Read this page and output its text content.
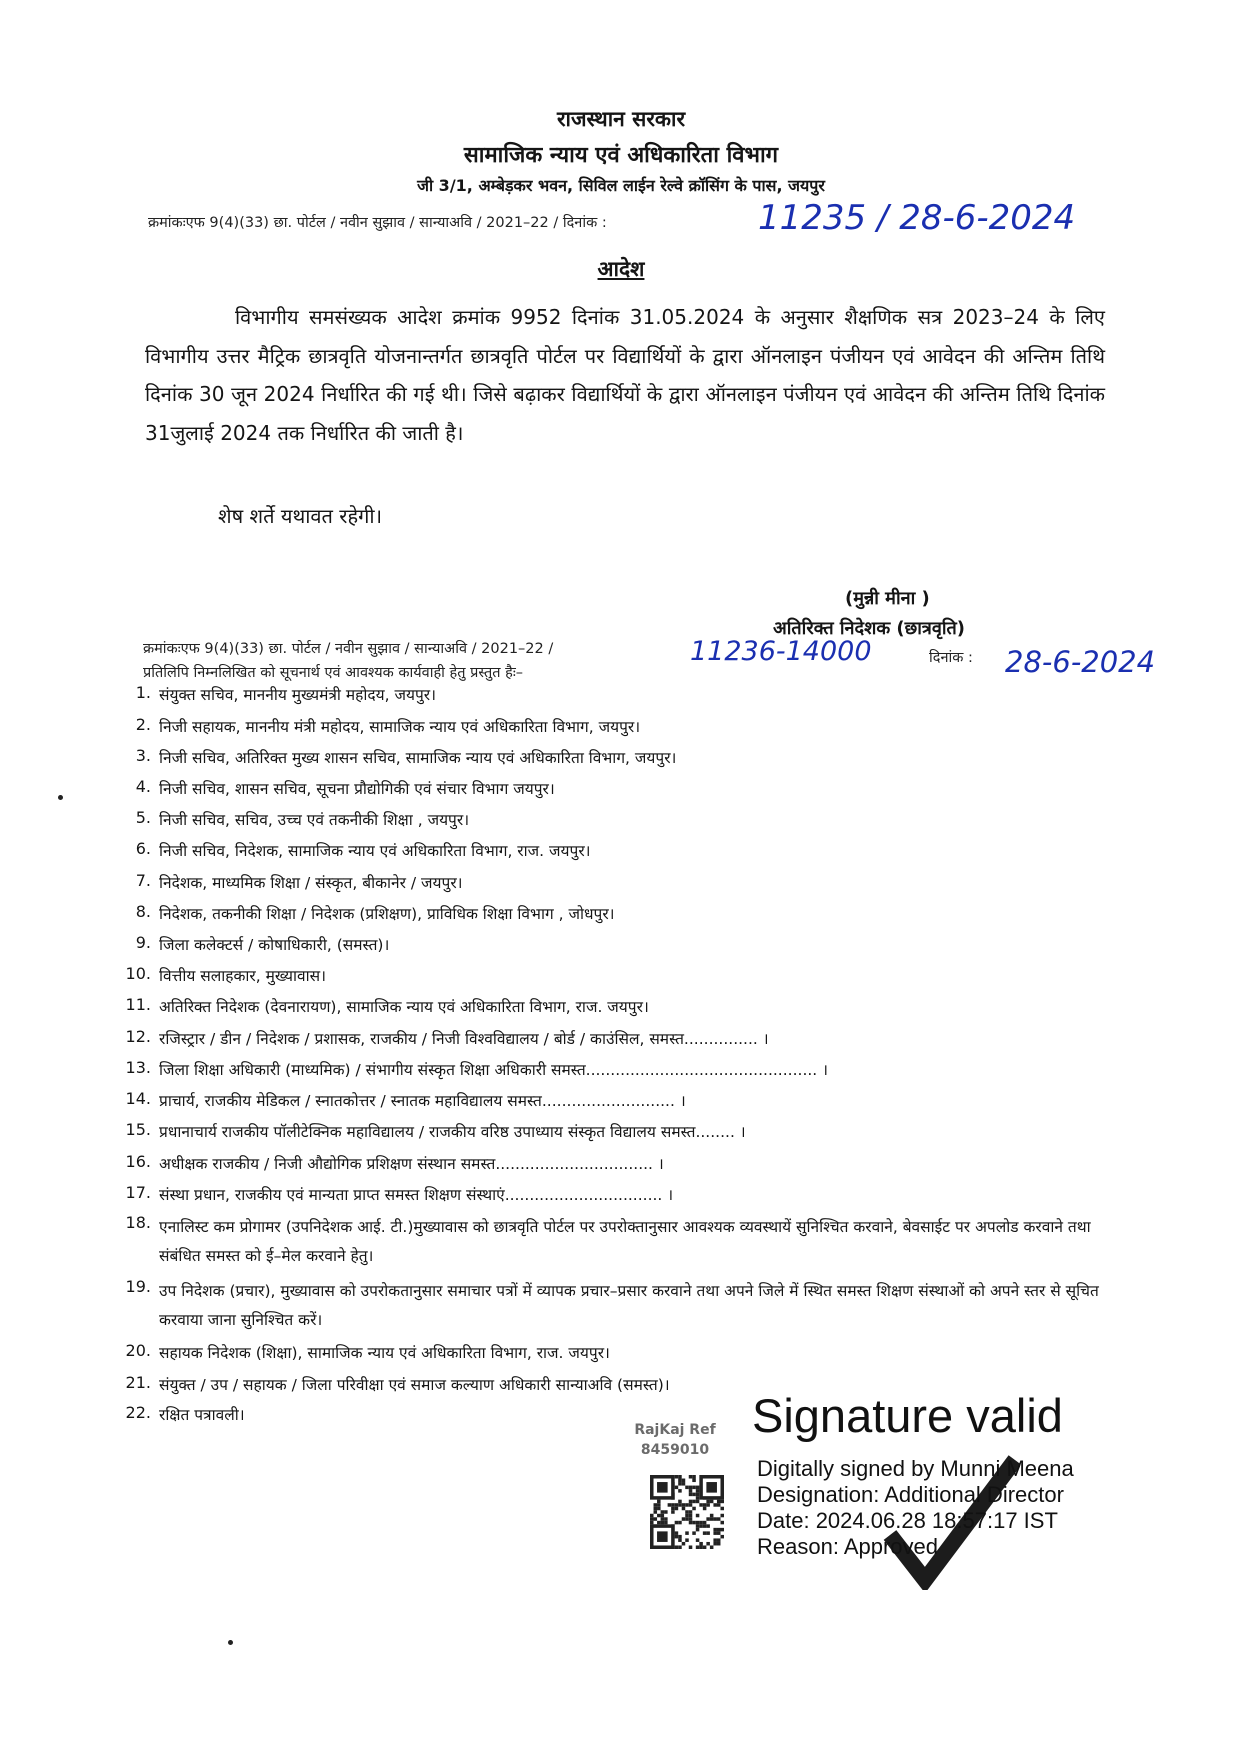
राजस्थान सरकार
सामाजिक न्याय एवं अधिकारिता विभाग
जी 3/1, अम्बेड़कर भवन, सिविल लाईन रेल्वे क्रॉसिंग के पास, जयपुर
क्रमांकःएफ 9(4)(33) छा. पोर्टल / नवीन सुझाव / सान्याअवि / 2021–22 / दिनांक :	11235 / 28-6-2024
आदेश

विभागीय समसंख्यक आदेश क्रमांक 9952 दिनांक 31.05.2024 के अनुसार शैक्षणिक सत्र 2023–24 के लिए विभागीय उत्तर मैट्रिक छात्रवृति योजनान्तर्गत छात्रवृति पोर्टल पर विद्यार्थियों के द्वारा ऑनलाइन पंजीयन एवं आवेदन की अन्तिम तिथि दिनांक 30 जून 2024 निर्धारित की गई थी। जिसे बढ़ाकर विद्यार्थियों के द्वारा ऑनलाइन पंजीयन एवं आवेदन की अन्तिम तिथि दिनांक 31जुलाई 2024 तक निर्धारित की जाती है।

शेष शर्ते यथावत रहेगी।
(मुन्नी मीना )
अतिरिक्त निदेशक (छात्रवृति)
क्रमांकःएफ 9(4)(33) छा. पोर्टल / नवीन सुझाव / सान्याअवि / 2021–22 /	11236-14000	दिनांक : 28-6-2024
प्रतिलिपि निम्नलिखित को सूचनार्थ एवं आवश्यक कार्यवाही हेतु प्रस्तुत हैः–
1. संयुक्त सचिव, माननीय मुख्यमंत्री महोदय, जयपुर।
2. निजी सहायक, माननीय मंत्री महोदय, सामाजिक न्याय एवं अधिकारिता विभाग, जयपुर।
3. निजी सचिव, अतिरिक्त मुख्य शासन सचिव, सामाजिक न्याय एवं अधिकारिता विभाग, जयपुर।
4. निजी सचिव, शासन सचिव, सूचना प्रौद्योगिकी एवं संचार विभाग जयपुर।
5. निजी सचिव, सचिव, उच्च एवं तकनीकी शिक्षा , जयपुर।
6. निजी सचिव, निदेशक, सामाजिक न्याय एवं अधिकारिता विभाग, राज. जयपुर।
7. निदेशक, माध्यमिक शिक्षा / संस्कृत, बीकानेर / जयपुर।
8. निदेशक, तकनीकी शिक्षा / निदेशक (प्रशिक्षण), प्राविधिक शिक्षा विभाग , जोधपुर।
9. जिला कलेक्टर्स / कोषाधिकारी, (समस्त)।
10. वित्तीय सलाहकार, मुख्यावास।
11. अतिरिक्त निदेशक (देवनारायण), सामाजिक न्याय एवं अधिकारिता विभाग, राज. जयपुर।
12. रजिस्ट्रार / डीन / निदेशक / प्रशासक, राजकीय / निजी विश्वविद्यालय / बोर्ड / काउंसिल, समस्त............... ।
13. जिला शिक्षा अधिकारी (माध्यमिक) / संभागीय संस्कृत शिक्षा अधिकारी समस्त............................................... ।
14. प्राचार्य, राजकीय मेडिकल / स्नातकोत्तर / स्नातक महाविद्यालय समस्त........................... ।
15. प्रधानाचार्य राजकीय पॉलीटेक्निक महाविद्यालय / राजकीय वरिष्ठ उपाध्याय संस्कृत विद्यालय समस्त........ ।
16. अधीक्षक राजकीय / निजी औद्योगिक प्रशिक्षण संस्थान समस्त................................ ।
17. संस्था प्रधान, राजकीय एवं मान्यता प्राप्त समस्त शिक्षण संस्थाएं................................ ।
18. एनालिस्ट कम प्रोगामर (उपनिदेशक आई. टी.)मुख्यावास को छात्रवृति पोर्टल पर उपरोक्तानुसार आवश्यक व्यवस्थायें सुनिश्चित करवाने, बेवसाईट पर अपलोड करवाने तथा संबंधित समस्त को ई–मेल करवाने हेतु।
19. उप निदेशक (प्रचार), मुख्यावास को उपरोकतानुसार समाचार पत्रों में व्यापक प्रचार–प्रसार करवाने तथा अपने जिले में स्थित समस्त शिक्षण संस्थाओं को अपने स्तर से सूचित करवाया जाना सुनिश्चित करें।
20. सहायक निदेशक (शिक्षा), सामाजिक न्याय एवं अधिकारिता विभाग, राज. जयपुर।
21. संयुक्त / उप / सहायक / जिला परिवीक्षा एवं समाज कल्याण अधिकारी सान्याअवि (समस्त)।
22. रक्षित पत्रावली।
RajKaj Ref
8459010
Signature valid
Digitally signed by Munni Meena
Designation: Additional Director
Date: 2024.06.28 18:57:17 IST
Reason: Approved
